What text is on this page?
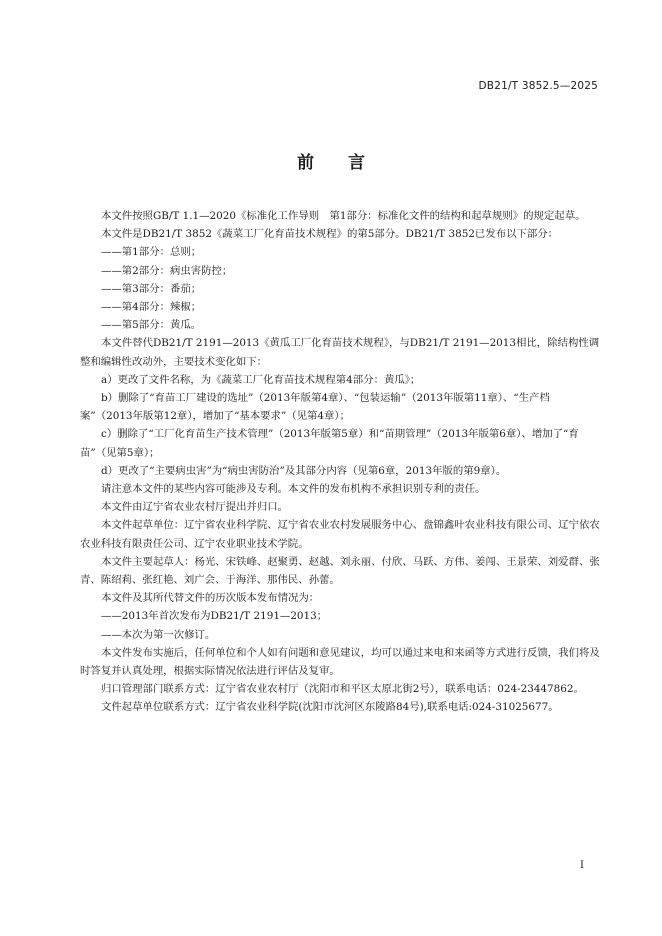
DB21/T 3852.5—2025
前言

本文件按照GB/T 1.1—2020《标准化工作导则　第1部分：标准化文件的结构和起草规则》的规定起草。

本文件是DB21/T 3852《蔬菜工厂化育苗技术规程》的第5部分。DB21/T 3852已发布以下部分：

——第1部分：总则；

——第2部分：病虫害防控；

——第3部分：番茄；

——第4部分：辣椒；

——第5部分：黄瓜。

本文件替代DB21/T 2191—2013《黄瓜工厂化育苗技术规程》，与DB21/T 2191—2013相比，除结构性调整和编辑性改动外，主要技术变化如下：

a）更改了文件名称，为《蔬菜工厂化育苗技术规程第4部分：黄瓜》；

b）删除了“育苗工厂建设的选址”（2013年版第4章）、“包装运输”（2013年版第11章）、“生产档案”（2013年版第12章），增加了“基本要求”（见第4章）；

c）删除了“工厂化育苗生产技术管理”（2013年版第5章）和“苗期管理”（2013年版第6章）、增加了“育苗”（见第5章）；

d）更改了“主要病虫害”为“病虫害防治”及其部分内容（见第6章，2013年版的第9章）。

请注意本文件的某些内容可能涉及专利。本文件的发布机构不承担识别专利的责任。

本文件由辽宁省农业农村厅提出并归口。

本文件起草单位：辽宁省农业科学院、辽宁省农业农村发展服务中心、盘锦鑫叶农业科技有限公司、辽宁依农农业科技有限责任公司、辽宁农业职业技术学院。

本文件主要起草人：杨光、宋铁峰、赵聚勇、赵越、刘永丽、付欣、马跃、方伟、姜闯、王景荣、刘爱群、张青、陈绍莉、张红艳、刘广会、于海洋、那伟民、孙蕾。

本文件及其所代替文件的历次版本发布情况为：

——2013年首次发布为DB21/T 2191—2013；

——本次为第一次修订。

本文件发布实施后，任何单位和个人如有问题和意见建议，均可以通过来电和来函等方式进行反馈，我们将及时答复并认真处理，根据实际情况依法进行评估及复审。

归口管理部门联系方式：辽宁省农业农村厅（沈阳市和平区太原北街2号），联系电话：024-23447862。

文件起草单位联系方式：辽宁省农业科学院(沈阳市沈河区东陵路84号),联系电话:024-31025677。

I
